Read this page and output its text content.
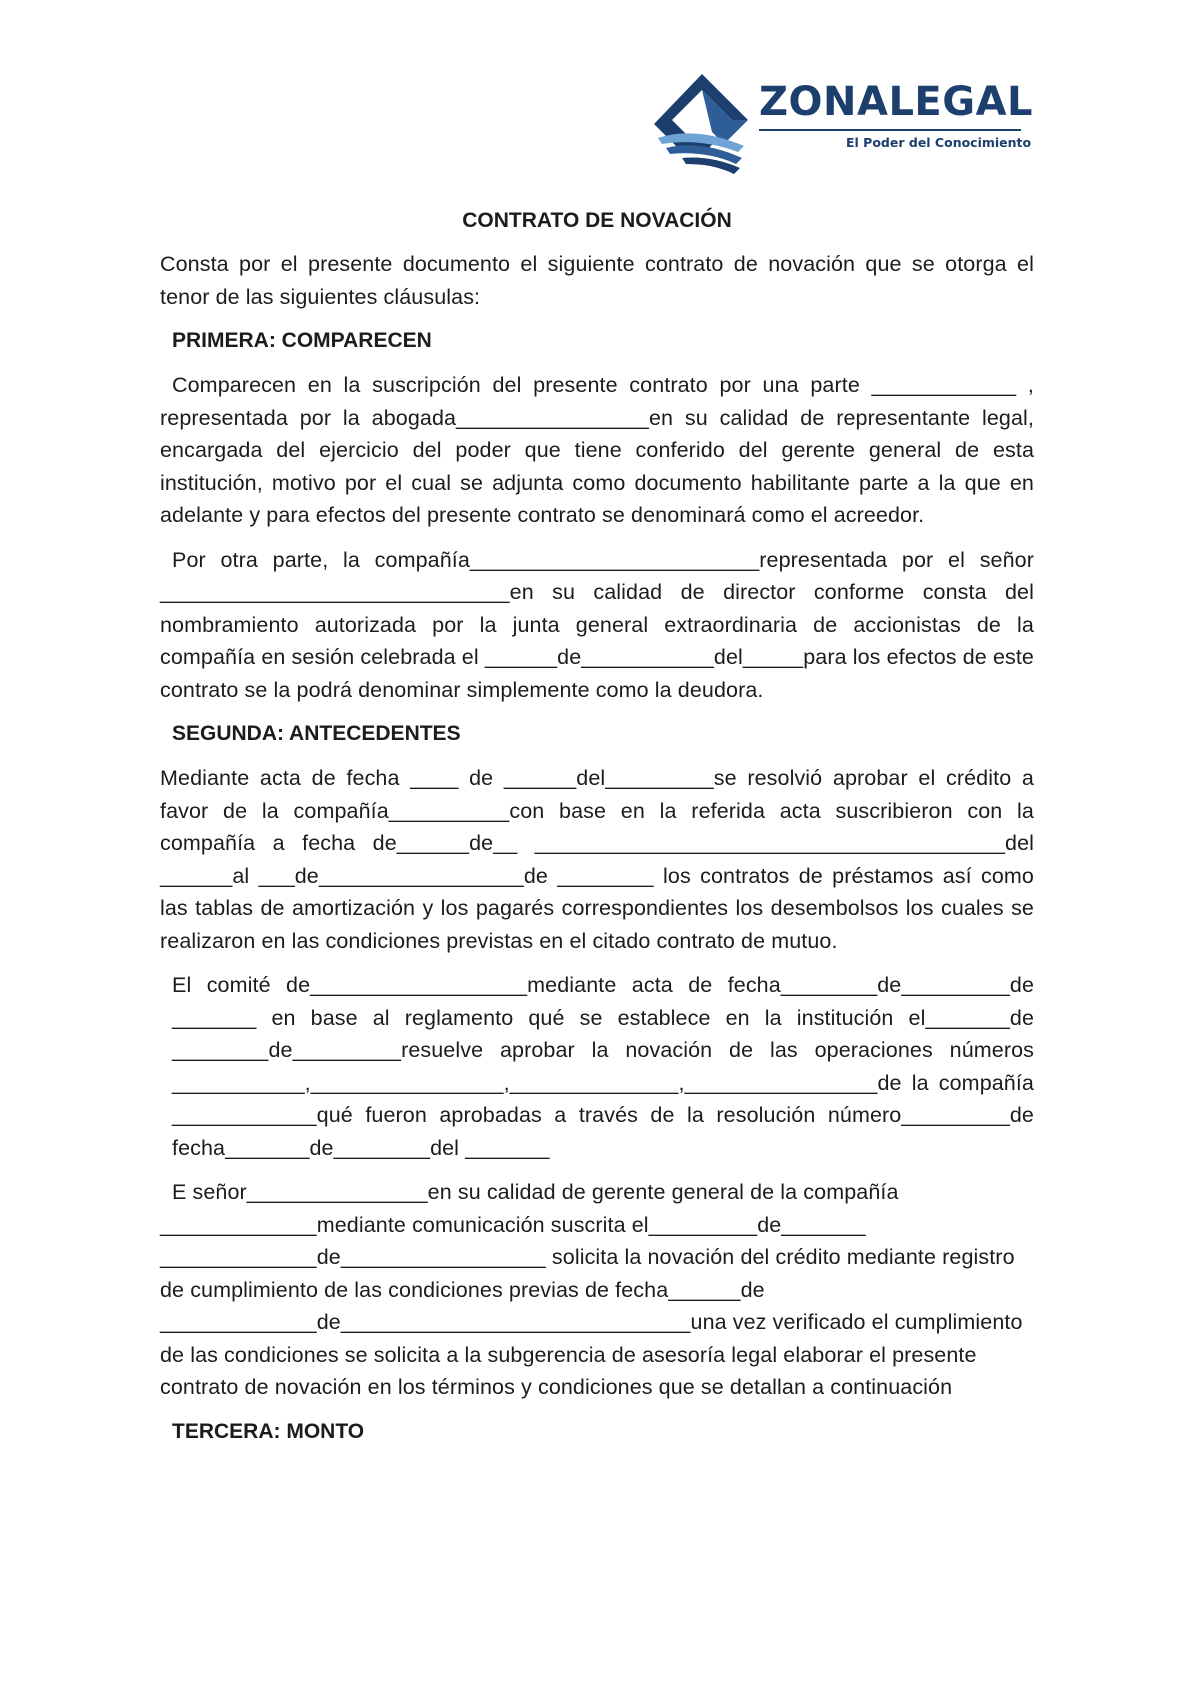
ZONALEGAL
El Poder del Conocimiento
CONTRATO DE NOVACIÓN
Consta por el presente documento el siguiente contrato de novación que se otorga el tenor de las siguientes cláusulas:
PRIMERA: COMPARECEN
Comparecen en la suscripción del presente contrato por una parte ____________ , representada por la abogada________________en su calidad de representante legal, encargada del ejercicio del poder que tiene conferido del gerente general de esta institución, motivo por el cual se adjunta como documento habilitante parte a la que en adelante y para efectos del presente contrato se denominará como el acreedor.
Por otra parte, la compañía________________________representada por el señor _____________________________en su calidad de director conforme consta del nombramiento autorizada por la junta general extraordinaria de accionistas de la compañía en sesión celebrada el ______de___________del_____para los efectos de este contrato se la podrá denominar simplemente como la deudora.
SEGUNDA: ANTECEDENTES
Mediante acta de fecha ____ de ______del_________se resolvió aprobar el crédito a favor de la compañía__________con base en la referida acta suscribieron con la compañía a fecha de______de__ _______________________________________del ______al ___de_________________de ________ los contratos de préstamos así como las tablas de amortización y los pagarés correspondientes los desembolsos los cuales se realizaron en las condiciones previstas en el citado contrato de mutuo.
El comité de__________________mediante acta de fecha________de_________de _______ en base al reglamento qué se establece en la institución el_______de ________de_________resuelve aprobar la novación de las operaciones números ___________,________________,______________,________________de la compañía ____________qué fueron aprobadas a través de la resolución número_________de fecha_______de________del _______
E señor_______________en su calidad de gerente general de la compañía _____________mediante comunicación suscrita el_________de_______ _____________de_________________ solicita la novación del crédito mediante registro de cumplimiento de las condiciones previas de fecha______de _____________de_____________________________una vez verificado el cumplimiento de las condiciones se solicita a la subgerencia de asesoría legal elaborar el presente contrato de novación en los términos y condiciones que se detallan a continuación
TERCERA: MONTO
